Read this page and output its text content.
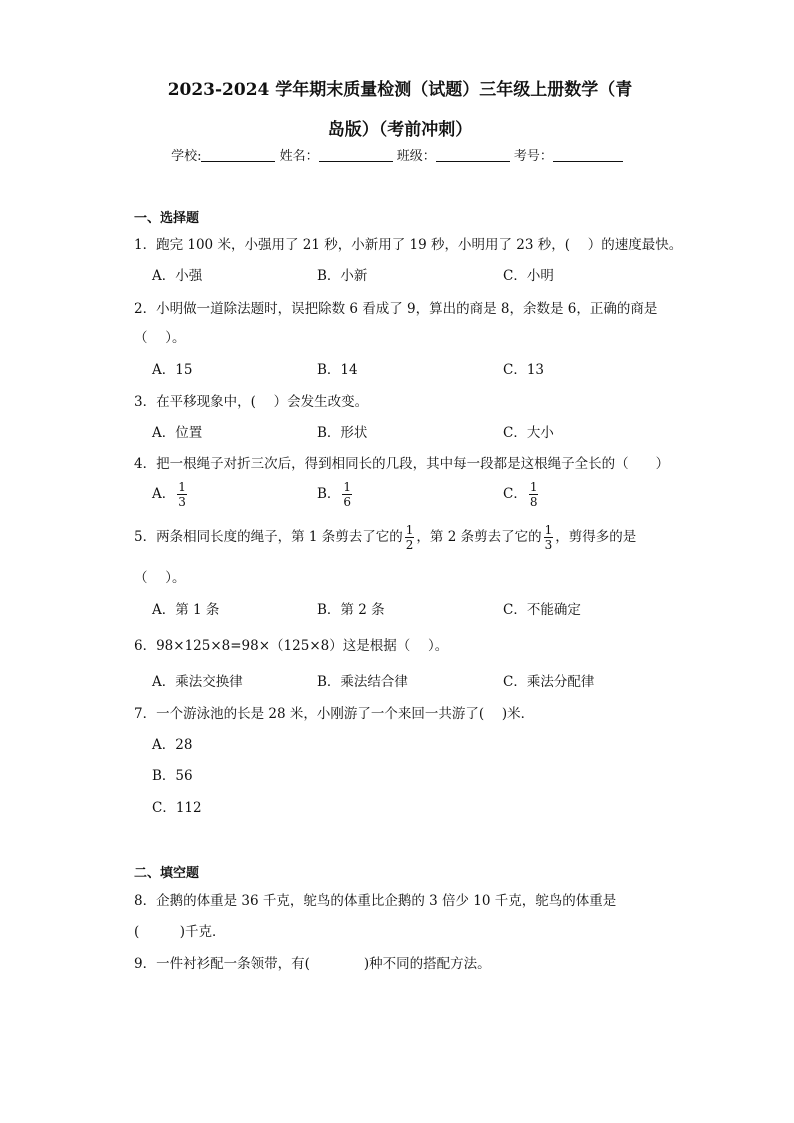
2023-2024 学年期末质量检测（试题）三年级上册数学（青
岛版）（考前冲刺）
学校:	姓名：	班级：	考号：
一、选择题
1．跑完 100 米，小强用了 21 秒，小新用了 19 秒，小明用了 23 秒，(　 ）的速度最快。
A．小强	B．小新	C．小明
2．小明做一道除法题时，误把除数 6 看成了 9，算出的商是 8，余数是 6，正确的商是
（　 ）。
A．15	B．14	C．13
3．在平移现象中，(　 ）会发生改变。
A．位置	B．形状	C．大小
4．把一根绳子对折三次后，得到相同长的几段，其中每一段都是这根绳子全长的（　　）
A． $\frac{1}{3}$	B． $\frac{1}{6}$	C． $\frac{1}{8}$
5．两条相同长度的绳子，第 1 条剪去了它的 $\frac{1}{2}$ ，第 2 条剪去了它的 $\frac{1}{3}$ ，剪得多的是
（　 ）。
A．第 1 条	B．第 2 条	C．不能确定
6．98×125×8=98×（125×8）这是根据（　 ）。
A．乘法交换律	B．乘法结合律	C．乘法分配律
7．一个游泳池的长是 28 米，小刚游了一个来回一共游了(　 )米．
A．28
B．56
C．112
二、填空题
8．企鹅的体重是 36 千克，鸵鸟的体重比企鹅的 3 倍少 10 千克，鸵鸟的体重是
(　　　)千克．
9．一件衬衫配一条领带，有(　　　　)种不同的搭配方法。
